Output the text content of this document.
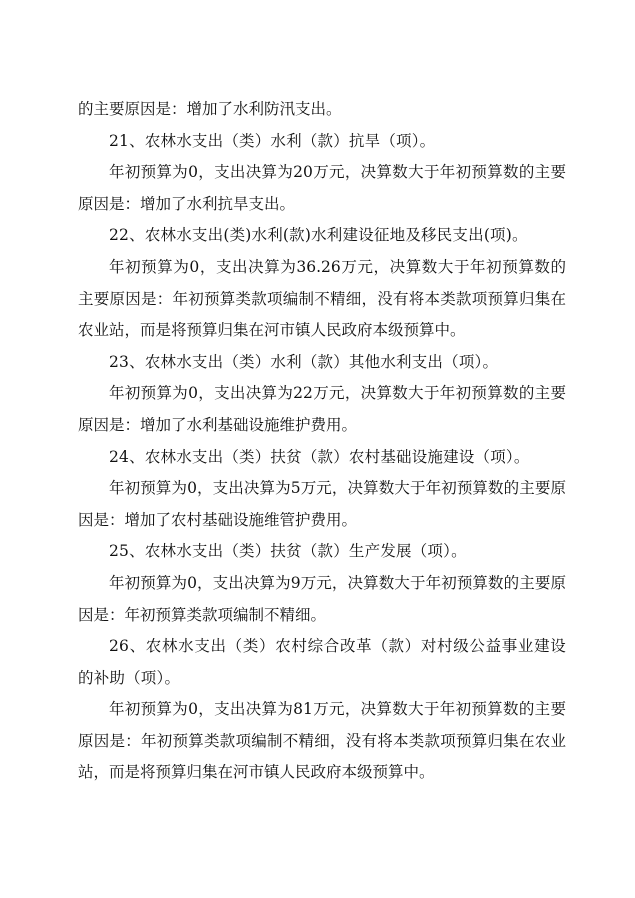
的主要原因是：增加了水利防汛支出。

21、农林水支出（类）水利（款）抗旱（项）。

年初预算为0，支出决算为20万元，决算数大于年初预算数的主要原因是：增加了水利抗旱支出。

22、农林水支出(类)水利(款)水利建设征地及移民支出(项)。

年初预算为0，支出决算为36.26万元，决算数大于年初预算数的主要原因是：年初预算类款项编制不精细，没有将本类款项预算归集在农业站，而是将预算归集在河市镇人民政府本级预算中。

23、农林水支出（类）水利（款）其他水利支出（项）。

年初预算为0，支出决算为22万元，决算数大于年初预算数的主要原因是：增加了水利基础设施维护费用。

24、农林水支出（类）扶贫（款）农村基础设施建设（项）。

年初预算为0，支出决算为5万元，决算数大于年初预算数的主要原因是：增加了农村基础设施维管护费用。

25、农林水支出（类）扶贫（款）生产发展（项）。

年初预算为0，支出决算为9万元，决算数大于年初预算数的主要原因是：年初预算类款项编制不精细。

26、农林水支出（类）农村综合改革（款）对村级公益事业建设的补助（项）。

年初预算为0，支出决算为81万元，决算数大于年初预算数的主要原因是：年初预算类款项编制不精细，没有将本类款项预算归集在农业站，而是将预算归集在河市镇人民政府本级预算中。
